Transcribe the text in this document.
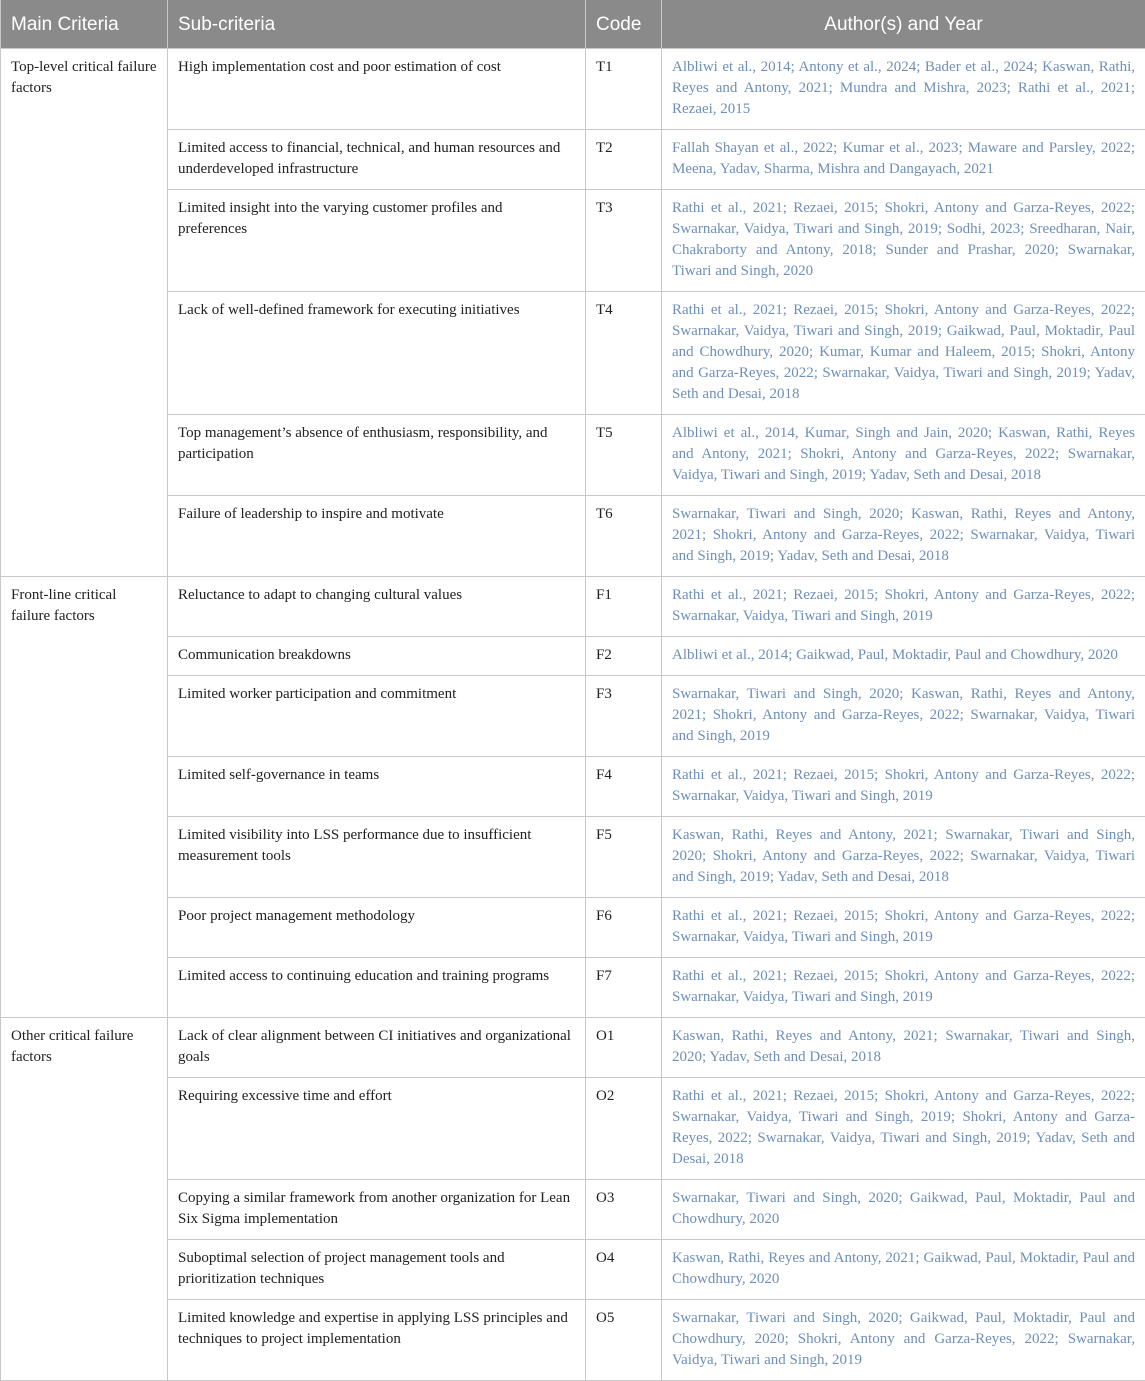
Main Criteria	Sub-criteria	Code	Author(s) and Year
Top-level critical failure factors	High implementation cost and poor estimation of cost	T1	Albliwi et al., 2014; Antony et al., 2024; Bader et al., 2024; Kaswan, Rathi, Reyes and Antony, 2021; Mundra and Mishra, 2023; Rathi et al., 2021; Rezaei, 2015
	Limited access to financial, technical, and human resources and underdeveloped infrastructure	T2	Fallah Shayan et al., 2022; Kumar et al., 2023; Maware and Parsley, 2022; Meena, Yadav, Sharma, Mishra and Dangayach, 2021
	Limited insight into the varying customer profiles and preferences	T3	Rathi et al., 2021; Rezaei, 2015; Shokri, Antony and Garza-Reyes, 2022; Swarnakar, Vaidya, Tiwari and Singh, 2019; Sodhi, 2023; Sreedharan, Nair, Chakraborty and Antony, 2018; Sunder and Prashar, 2020; Swarnakar, Tiwari and Singh, 2020
	Lack of well-defined framework for executing initiatives	T4	Rathi et al., 2021; Rezaei, 2015; Shokri, Antony and Garza-Reyes, 2022; Swarnakar, Vaidya, Tiwari and Singh, 2019; Gaikwad, Paul, Moktadir, Paul and Chowdhury, 2020; Kumar, Kumar and Haleem, 2015; Shokri, Antony and Garza-Reyes, 2022; Swarnakar, Vaidya, Tiwari and Singh, 2019; Yadav, Seth and Desai, 2018
	Top management’s absence of enthusiasm, responsibility, and participation	T5	Albliwi et al., 2014, Kumar, Singh and Jain, 2020; Kaswan, Rathi, Reyes and Antony, 2021; Shokri, Antony and Garza-Reyes, 2022; Swarnakar, Vaidya, Tiwari and Singh, 2019; Yadav, Seth and Desai, 2018
	Failure of leadership to inspire and motivate	T6	Swarnakar, Tiwari and Singh, 2020; Kaswan, Rathi, Reyes and Antony, 2021; Shokri, Antony and Garza-Reyes, 2022; Swarnakar, Vaidya, Tiwari and Singh, 2019; Yadav, Seth and Desai, 2018
Front-line critical failure factors	Reluctance to adapt to changing cultural values	F1	Rathi et al., 2021; Rezaei, 2015; Shokri, Antony and Garza-Reyes, 2022; Swarnakar, Vaidya, Tiwari and Singh, 2019
	Communication breakdowns	F2	Albliwi et al., 2014; Gaikwad, Paul, Moktadir, Paul and Chowdhury, 2020
	Limited worker participation and commitment	F3	Swarnakar, Tiwari and Singh, 2020; Kaswan, Rathi, Reyes and Antony, 2021; Shokri, Antony and Garza-Reyes, 2022; Swarnakar, Vaidya, Tiwari and Singh, 2019
	Limited self-governance in teams	F4	Rathi et al., 2021; Rezaei, 2015; Shokri, Antony and Garza-Reyes, 2022; Swarnakar, Vaidya, Tiwari and Singh, 2019
	Limited visibility into LSS performance due to insufficient measurement tools	F5	Kaswan, Rathi, Reyes and Antony, 2021; Swarnakar, Tiwari and Singh, 2020; Shokri, Antony and Garza-Reyes, 2022; Swarnakar, Vaidya, Tiwari and Singh, 2019; Yadav, Seth and Desai, 2018
	Poor project management methodology	F6	Rathi et al., 2021; Rezaei, 2015; Shokri, Antony and Garza-Reyes, 2022; Swarnakar, Vaidya, Tiwari and Singh, 2019
	Limited access to continuing education and training programs	F7	Rathi et al., 2021; Rezaei, 2015; Shokri, Antony and Garza-Reyes, 2022; Swarnakar, Vaidya, Tiwari and Singh, 2019
Other critical failure factors	Lack of clear alignment between CI initiatives and organizational goals	O1	Kaswan, Rathi, Reyes and Antony, 2021; Swarnakar, Tiwari and Singh, 2020; Yadav, Seth and Desai, 2018
	Requiring excessive time and effort	O2	Rathi et al., 2021; Rezaei, 2015; Shokri, Antony and Garza-Reyes, 2022; Swarnakar, Vaidya, Tiwari and Singh, 2019; Shokri, Antony and Garza-Reyes, 2022; Swarnakar, Vaidya, Tiwari and Singh, 2019; Yadav, Seth and Desai, 2018
	Copying a similar framework from another organization for Lean Six Sigma implementation	O3	Swarnakar, Tiwari and Singh, 2020; Gaikwad, Paul, Moktadir, Paul and Chowdhury, 2020
	Suboptimal selection of project management tools and prioritization techniques	O4	Kaswan, Rathi, Reyes and Antony, 2021; Gaikwad, Paul, Moktadir, Paul and Chowdhury, 2020
	Limited knowledge and expertise in applying LSS principles and techniques to project implementation	O5	Swarnakar, Tiwari and Singh, 2020; Gaikwad, Paul, Moktadir, Paul and Chowdhury, 2020; Shokri, Antony and Garza-Reyes, 2022; Swarnakar, Vaidya, Tiwari and Singh, 2019
